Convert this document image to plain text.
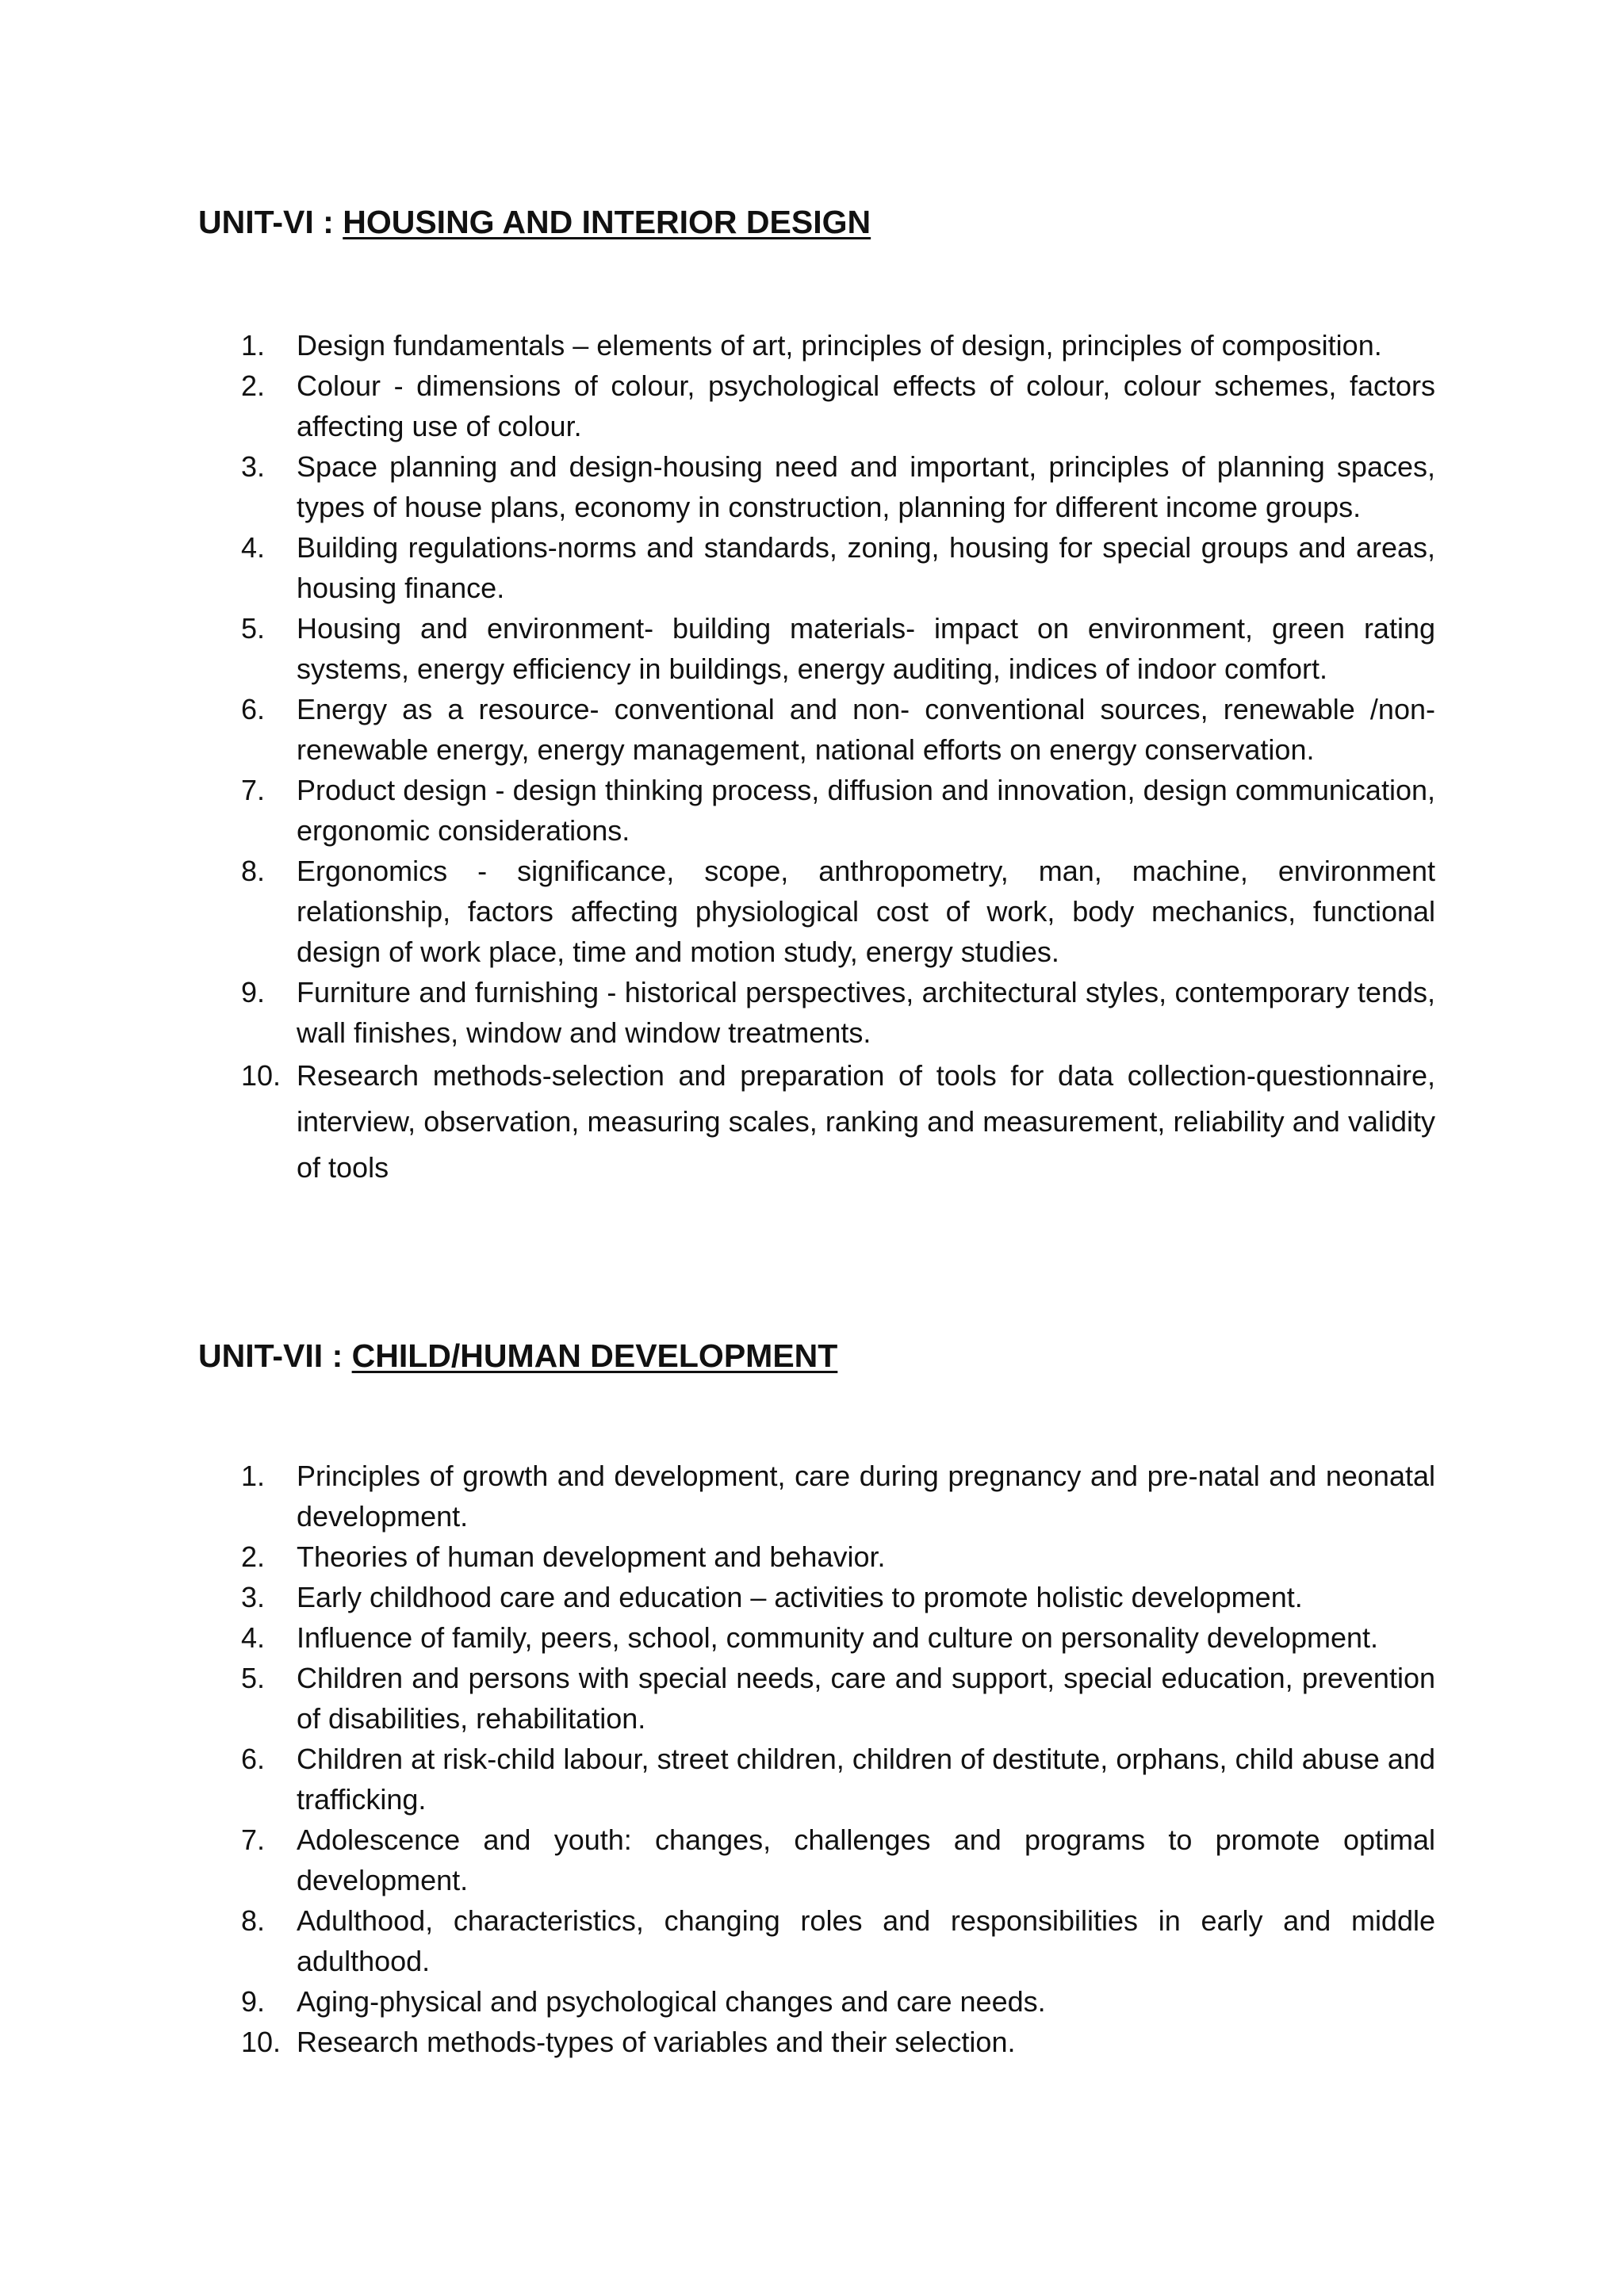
UNIT-VI : HOUSING AND INTERIOR DESIGN
1. Design fundamentals – elements of art, principles of design, principles of composition.
2. Colour - dimensions of colour, psychological effects of colour, colour schemes, factors affecting use of colour.
3. Space planning and design-housing need and important, principles of planning spaces, types of house plans, economy in construction, planning for different income groups.
4. Building regulations-norms and standards, zoning, housing for special groups and areas, housing finance.
5. Housing and environment- building materials- impact on environment, green rating systems, energy efficiency in buildings, energy auditing, indices of indoor comfort.
6. Energy as a resource- conventional and non- conventional sources, renewable /non-renewable energy, energy management, national efforts on energy conservation.
7. Product design - design thinking process, diffusion and innovation, design communication, ergonomic considerations.
8. Ergonomics - significance, scope, anthropometry, man, machine, environment relationship, factors affecting physiological cost of work, body mechanics, functional design of work place, time and motion study, energy studies.
9. Furniture and furnishing - historical perspectives, architectural styles, contemporary tends, wall finishes, window and window treatments.
10. Research methods-selection and preparation of tools for data collection-questionnaire, interview, observation, measuring scales, ranking and measurement, reliability and validity of tools
UNIT-VII : CHILD/HUMAN DEVELOPMENT
1. Principles of growth and development, care during pregnancy and pre-natal and neonatal development.
2. Theories of human development and behavior.
3. Early childhood care and education – activities to promote holistic development.
4. Influence of family, peers, school, community and culture on personality development.
5. Children and persons with special needs, care and support, special education, prevention of disabilities, rehabilitation.
6. Children at risk-child labour, street children, children of destitute, orphans, child abuse and trafficking.
7. Adolescence and youth: changes, challenges and programs to promote optimal development.
8. Adulthood, characteristics, changing roles and responsibilities in early and middle adulthood.
9. Aging-physical and psychological changes and care needs.
10. Research methods-types of variables and their selection.
